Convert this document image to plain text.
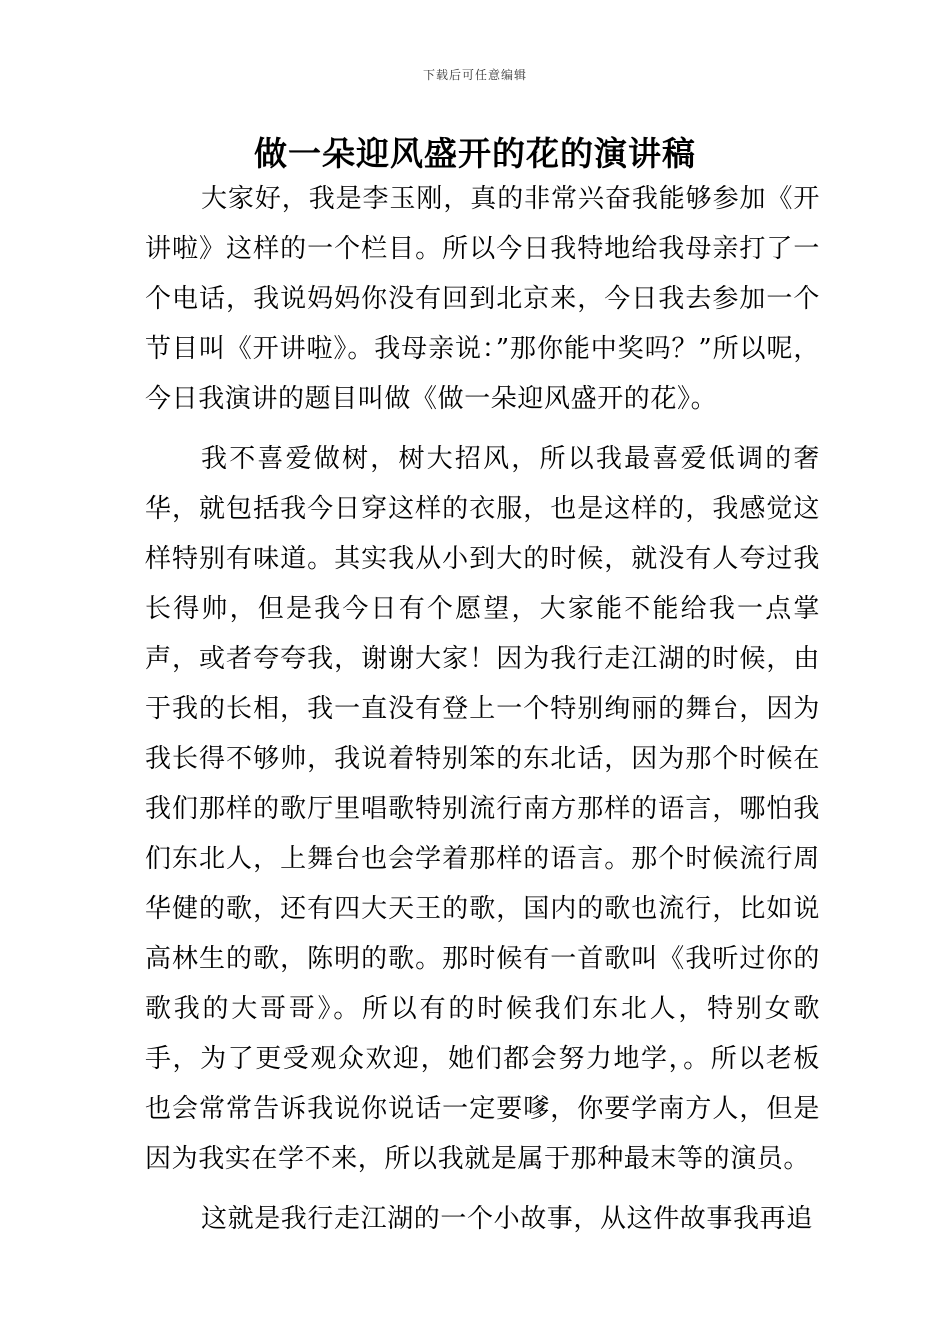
下载后可任意编辑
做一朵迎风盛开的花的演讲稿

大家好，我是李玉刚，真的非常兴奋我能够参加《开讲啦》这样的一个栏目。所以今日我特地给我母亲打了一个电话，我说妈妈你没有回到北京来，今日我去参加一个节目叫《开讲啦》。我母亲说：”那你能中奖吗？”所以呢，今日我演讲的题目叫做《做一朵迎风盛开的花》。

我不喜爱做树，树大招风，所以我最喜爱低调的奢华，就包括我今日穿这样的衣服，也是这样的，我感觉这样特别有味道。其实我从小到大的时候，就没有人夸过我长得帅，但是我今日有个愿望，大家能不能给我一点掌声，或者夸夸我，谢谢大家！因为我行走江湖的时候，由于我的长相，我一直没有登上一个特别绚丽的舞台，因为我长得不够帅，我说着特别笨的东北话，因为那个时候在我们那样的歌厅里唱歌特别流行南方那样的语言，哪怕我们东北人，上舞台也会学着那样的语言。那个时候流行周华健的歌，还有四大天王的歌，国内的歌也流行，比如说高林生的歌，陈明的歌。那时候有一首歌叫《我听过你的歌我的大哥哥》。所以有的时候我们东北人，特别女歌手，为了更受观众欢迎，她们都会努力地学，。所以老板也会常常告诉我说你说话一定要嗲，你要学南方人，但是因为我实在学不来，所以我就是属于那种最末等的演员。

这就是我行走江湖的一个小故事，从这件故事我再追
